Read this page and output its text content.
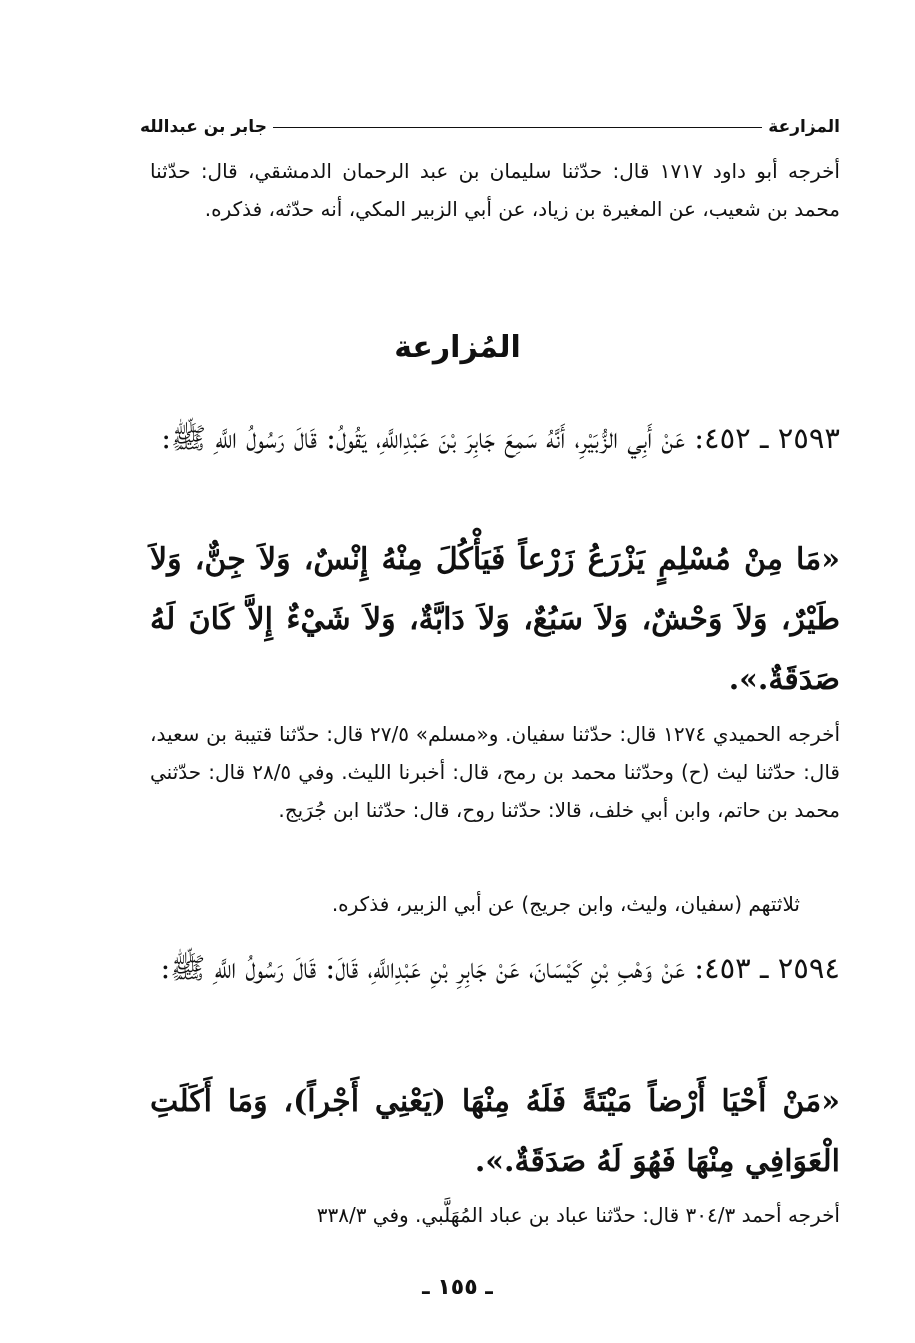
المزارعة
جابر بن عبدالله
أخرجه أبو داود ١٧١٧ قال: حدّثنا سليمان بن عبد الرحمان الدمشقي، قال: حدّثنا محمد بن شعيب، عن المغيرة بن زياد، عن أبي الزبير المكي، أنه حدّثه، فذكره.
المُزارعة
٢٥٩٣ ـ ٤٥٢: عَنْ أَبِي الزُّبَيْرِ، أَنَّهُ سَمِعَ جَابِرَ بْنَ عَبْدِاللَّهِ، يَقُولُ: قَالَ رَسُولُ اللَّهِ ﷺ:
«مَا مِنْ مُسْلِمٍ يَزْرَعُ زَرْعاً فَيَأْكُلَ مِنْهُ إِنْسٌ، وَلاَ جِنٌّ، وَلاَ طَيْرٌ، وَلاَ وَحْشٌ، وَلاَ سَبُعٌ، وَلاَ دَابَّةٌ، وَلاَ شَيْءٌ إِلاَّ كَانَ لَهُ صَدَقَةٌ.».
أخرجه الحميدي ١٢٧٤ قال: حدّثنا سفيان. و«مسلم» ٢٧/٥ قال: حدّثنا قتيبة بن سعيد، قال: حدّثنا ليث (ح) وحدّثنا محمد بن رمح، قال: أخبرنا الليث. وفي ٢٨/٥ قال: حدّثني محمد بن حاتم، وابن أبي خلف، قالا: حدّثنا روح، قال: حدّثنا ابن جُرَيج.
ثلاثتهم (سفيان، وليث، وابن جريج) عن أبي الزبير، فذكره.
٢٥٩٤ ـ ٤٥٣: عَنْ وَهْبِ بْنِ كَيْسَانَ، عَنْ جَابِرِ بْنِ عَبْدِاللَّهِ، قَالَ: قَالَ رَسُولُ اللَّهِ ﷺ:
«مَنْ أَحْيَا أَرْضاً مَيْتَةً فَلَهُ مِنْهَا (يَعْنِي أَجْراً)، وَمَا أَكَلَتِ الْعَوَافِي مِنْهَا فَهُوَ لَهُ صَدَقَةٌ.».
أخرجه أحمد ٣٠٤/٣ قال: حدّثنا عباد بن عباد المُهَلَّبي. وفي ٣٣٨/٣
ـ ١٥٥ ـ
